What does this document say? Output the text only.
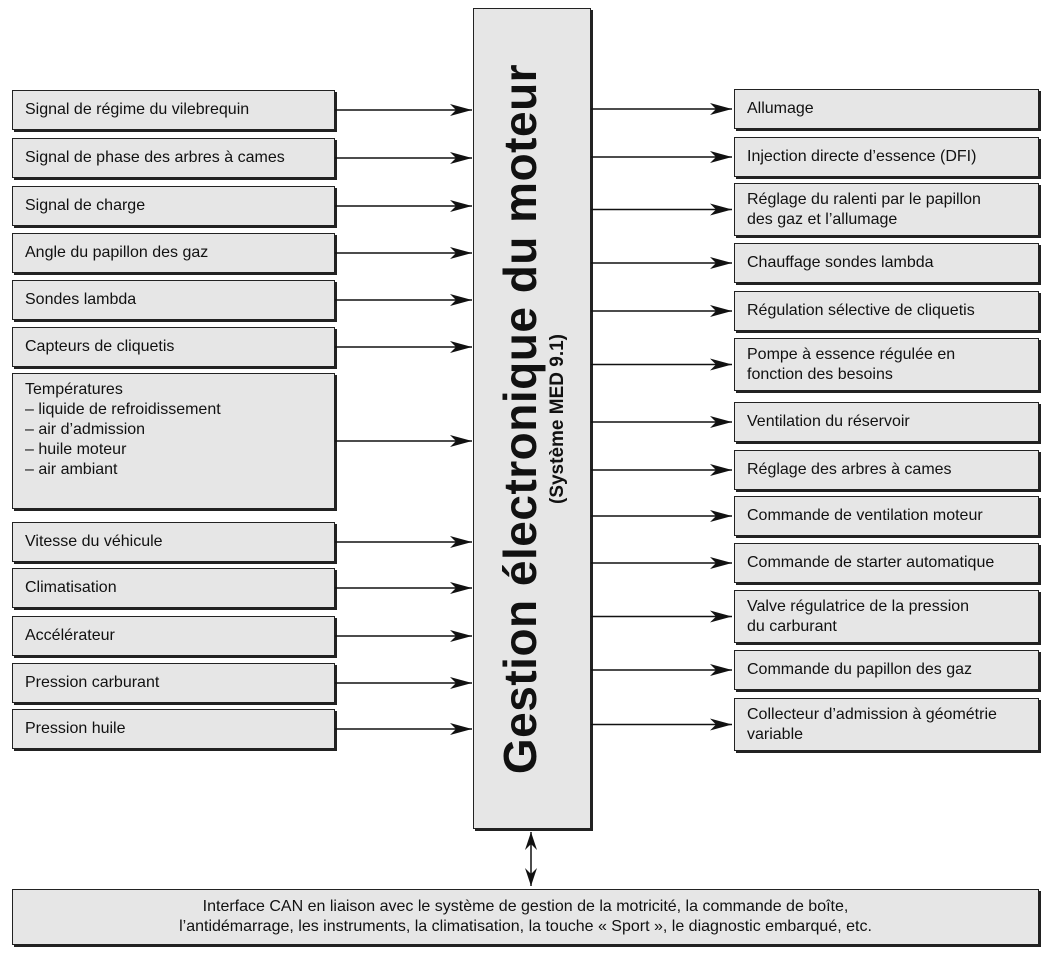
Signal de régime du vilebrequin
Signal de phase des arbres à cames
Signal de charge
Angle du papillon des gaz
Sondes lambda
Capteurs de cliquetis
Températures
– liquide de refroidissement
– air d’admission
– huile moteur
– air ambiant
Vitesse du véhicule
Climatisation
Accélérateur
Pression carburant
Pression huile
Allumage
Injection directe d’essence (DFI)
Réglage du ralenti par le papillon
des gaz et l’allumage
Chauffage sondes lambda
Régulation sélective de cliquetis
Pompe à essence régulée en
fonction des besoins
Ventilation du réservoir
Réglage des arbres à cames
Commande de ventilation moteur
Commande de starter automatique
Valve régulatrice de la pression
du carburant
Commande du papillon des gaz
Collecteur d’admission à géométrie
variable
Gestion électronique du moteur (Système MED 9.1)
Interface CAN en liaison avec le système de gestion de la motricité, la commande de boîte,
l’antidémarrage, les instruments, la climatisation, la touche « Sport », le diagnostic embarqué, etc.
